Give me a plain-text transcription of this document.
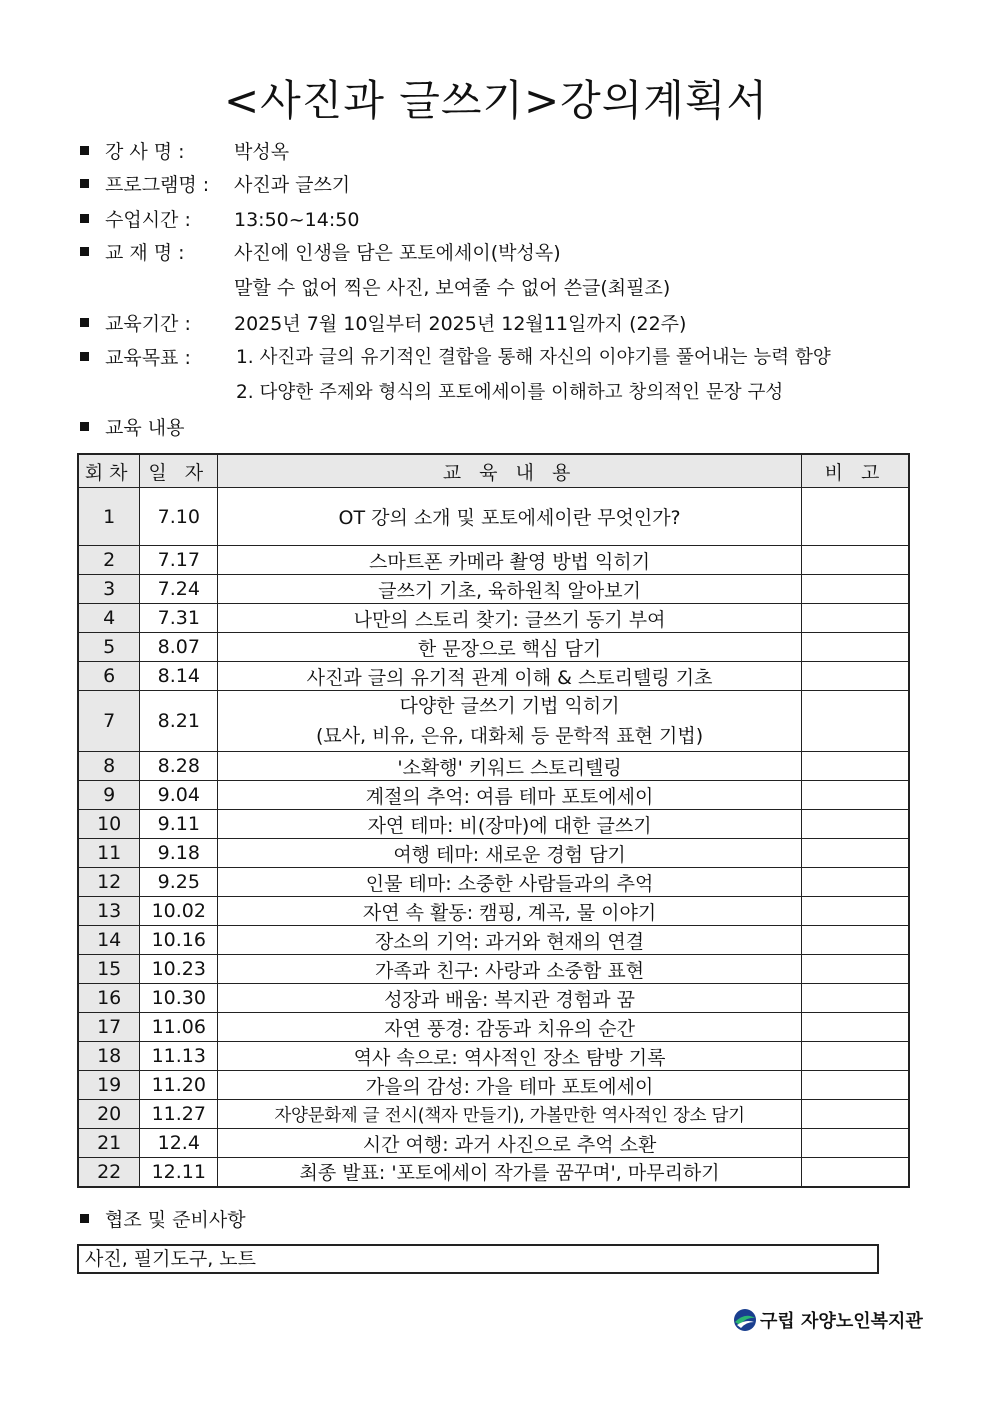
<사진과 글쓰기>강의계획서
강 사 명 :	박성옥
프로그램명 :	사진과 글쓰기
수업시간 :	13:50~14:50
교 재 명 :	사진에 인생을 담은 포토에세이(박성옥)
말할 수 없어 찍은 사진, 보여줄 수 없어 쓴글(최필조)
교육기간 :	2025년 7월 10일부터 2025년 12월11일까지 (22주)
교육목표 :	1. 사진과 글의 유기적인 결합을 통해 자신의 이야기를 풀어내는 능력 함양
2. 다양한 주제와 형식의 포토에세이를 이해하고 창의적인 문장 구성
교육 내용
회차	일 자	교 육 내 용	비 고
1	7.10	OT 강의 소개 및 포토에세이란 무엇인가?	
2	7.17	스마트폰 카메라 촬영 방법 익히기	
3	7.24	글쓰기 기초, 육하원칙 알아보기	
4	7.31	나만의 스토리 찾기: 글쓰기 동기 부여	
5	8.07	한 문장으로 핵심 담기	
6	8.14	사진과 글의 유기적 관계 이해 & 스토리텔링 기초	
7	8.21	다양한 글쓰기 기법 익히기
(묘사, 비유, 은유, 대화체 등 문학적 표현 기법)	

8	8.28	'소확행' 키워드 스토리텔링	
9	9.04	계절의 추억: 여름 테마 포토에세이	
10	9.11	자연 테마: 비(장마)에 대한 글쓰기	
11	9.18	여행 테마: 새로운 경험 담기	
12	9.25	인물 테마: 소중한 사람들과의 추억	
13	10.02	자연 속 활동: 캠핑, 계곡, 물 이야기	
14	10.16	장소의 기억: 과거와 현재의 연결	
15	10.23	가족과 친구: 사랑과 소중함 표현	
16	10.30	성장과 배움: 복지관 경험과 꿈	
17	11.06	자연 풍경: 감동과 치유의 순간	
18	11.13	역사 속으로: 역사적인 장소 탐방 기록	
19	11.20	가을의 감성: 가을 테마 포토에세이	
20	11.27	자양문화제 글 전시(책자 만들기), 가볼만한 역사적인 장소 담기	
21	12.4	시간 여행: 과거 사진으로 추억 소환	
22	12.11	최종 발표: '포토에세이 작가를 꿈꾸며', 마무리하기	
협조 및 준비사항
사진, 필기도구, 노트
구립 자양노인복지관
